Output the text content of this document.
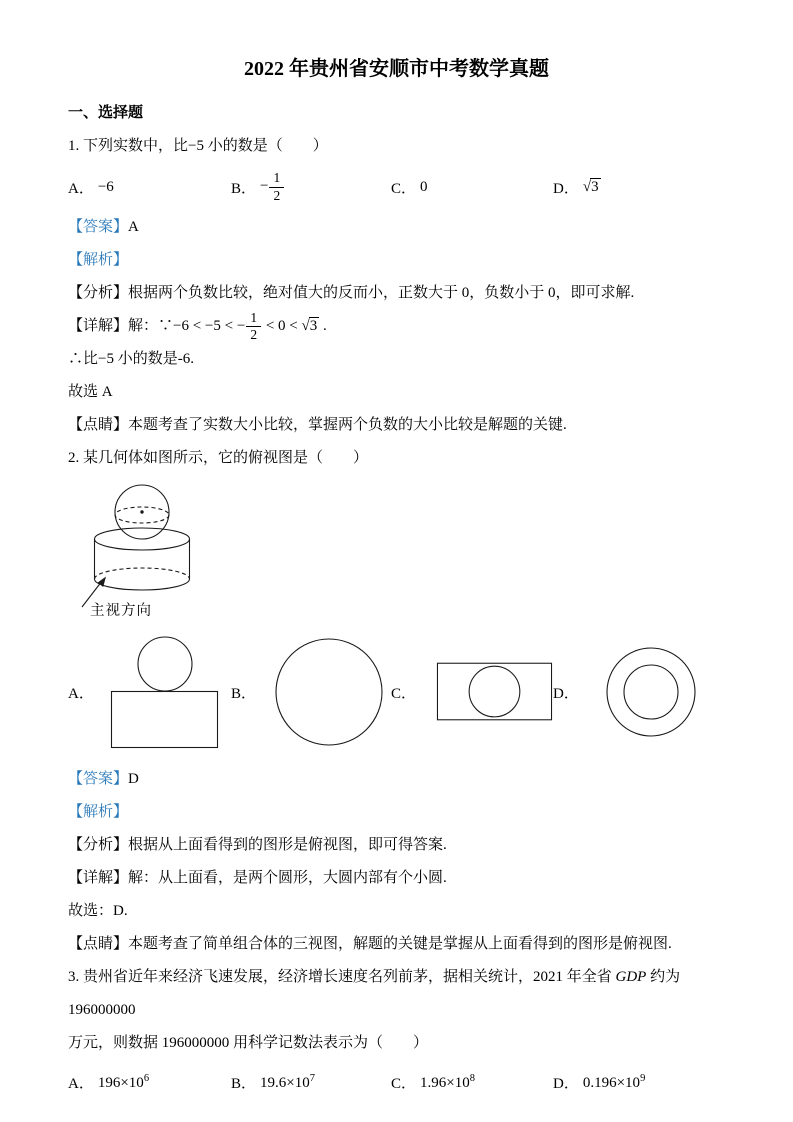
2022 年贵州省安顺市中考数学真题

一、选择题

1. 下列实数中，比−5 小的数是（　　）

A． −6	B． − $\frac{1}{2}$	C． 0	D． √3

【答案】A

【解析】

【分析】根据两个负数比较，绝对值大的反而小，正数大于 0，负数小于 0，即可求解.

【详解】解：∵−6 < −5 < − $\frac{1}{2} < 0 < √3$ .

∴比−5 小的数是-6.

故选 A

【点睛】本题考查了实数大小比较，掌握两个负数的大小比较是解题的关键.

2. 某几何体如图所示，它的俯视图是（　　）

主视方向
A．	B．	C．	D．

【答案】D

【解析】

【分析】根据从上面看得到的图形是俯视图，即可得答案.

【详解】解：从上面看，是两个圆形，大圆内部有个小圆.

故选：D.

【点睛】本题考查了简单组合体的三视图，解题的关键是掌握从上面看得到的图形是俯视图.

3. 贵州省近年来经济飞速发展，经济增长速度名列前茅，据相关统计，2021 年全省 GDP 约为 196000000

万元，则数据 196000000 用科学记数法表示为（　　）

A． $196\times 10^6$	B． $19.6\times 10^7$	C． $1.96\times 10^8$	D． $0.196\times 10^9$
